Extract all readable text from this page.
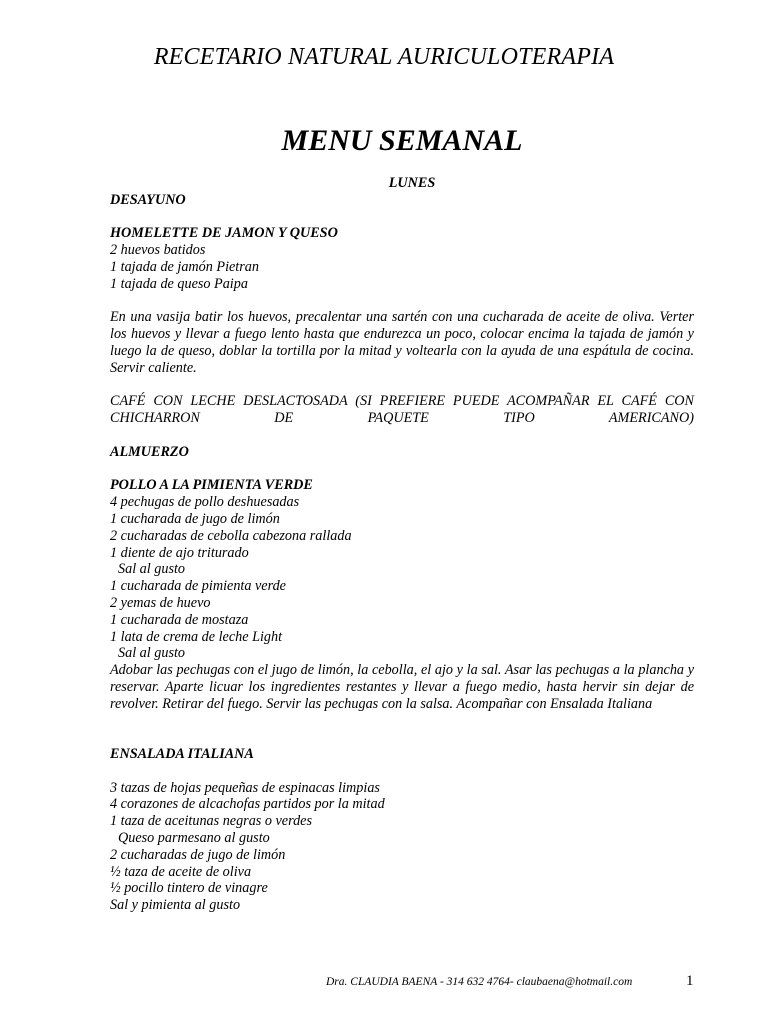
RECETARIO NATURAL AURICULOTERAPIA
MENU SEMANAL

LUNES

DESAYUNO

HOMELETTE DE JAMON Y QUESO

2 huevos batidos

1 tajada de jamón Pietran

1 tajada de queso Paipa

En una vasija batir los huevos, precalentar una sartén con una cucharada de aceite de oliva. Verter los huevos y llevar a fuego lento hasta que endurezca un poco, colocar encima la tajada de jamón y luego la de queso, doblar la tortilla por la mitad y voltearla con la ayuda de una espátula de cocina. Servir caliente.

CAFÉ CON LECHE DESLACTOSADA (SI PREFIERE PUEDE ACOMPAÑAR EL CAFÉ CON CHICHARRON DE PAQUETE TIPO AMERICANO)

ALMUERZO

POLLO A LA PIMIENTA VERDE

4 pechugas de pollo deshuesadas

1 cucharada de jugo de limón

2 cucharadas de cebolla cabezona rallada

1 diente de ajo triturado

Sal al gusto

1 cucharada de pimienta verde

2 yemas de huevo

1 cucharada de mostaza

1 lata de crema de leche Light

Sal al gusto

Adobar las pechugas con el jugo de limón, la cebolla, el ajo y la sal. Asar las pechugas a la plancha y reservar. Aparte licuar los ingredientes restantes y llevar a fuego medio, hasta hervir sin dejar de revolver. Retirar del fuego. Servir las pechugas con la salsa. Acompañar con Ensalada Italiana

ENSALADA ITALIANA

3 tazas de hojas pequeñas de espinacas limpias

4 corazones de alcachofas partidos por la mitad

1 taza de aceitunas negras o verdes

Queso parmesano al gusto

2 cucharadas de jugo de limón

½ taza de aceite de oliva

½ pocillo tintero de vinagre

Sal y pimienta al gusto

Dra. CLAUDIA BAENA - 314 632 4764- claubaena@hotmail.com	1
